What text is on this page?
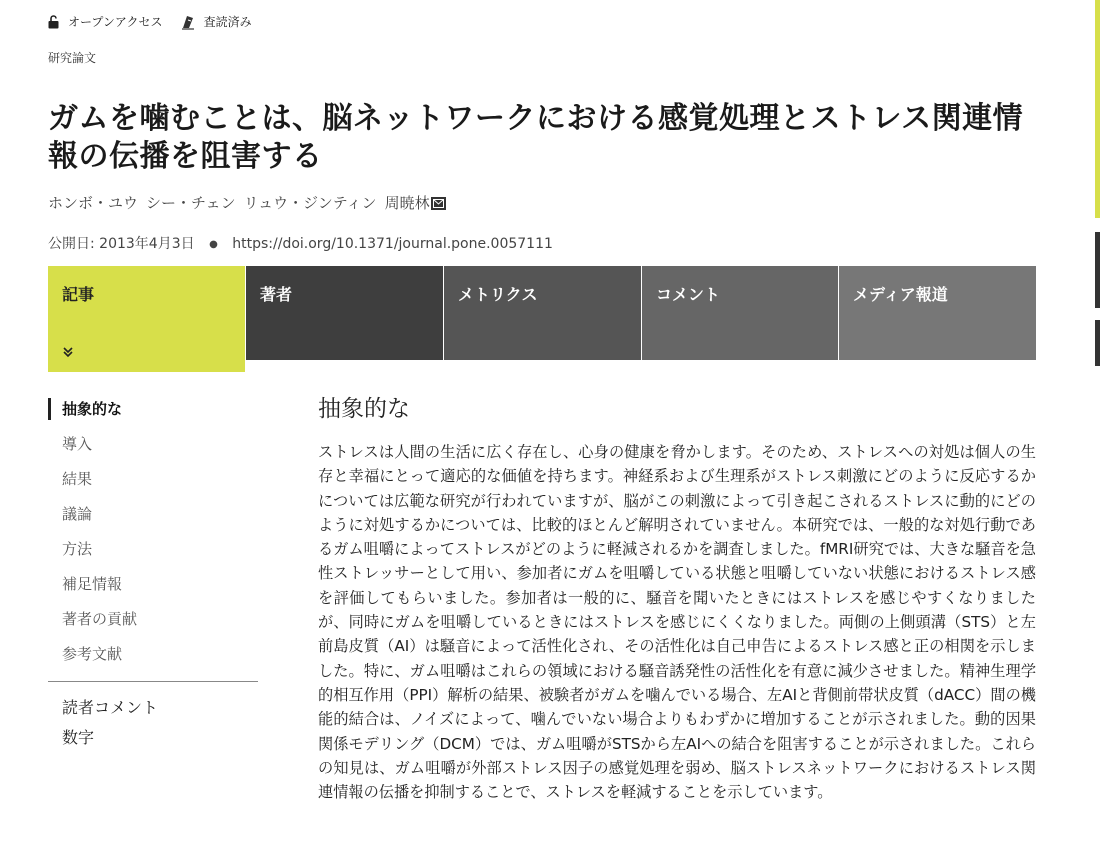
オープンアクセス	査読済み
研究論文
ガムを噛むことは、脳ネットワークにおける感覚処理とストレス関連情報の伝播を阻害する
ホンボ・ユウ シー・チェン リュウ・ジンティン 周暁林
公開日: 2013年4月3日 ● https://doi.org/10.1371/journal.pone.0057111
記事	著者	メトリクス	コメント	メディア報道
抽象的な
導入
結果
議論
方法
補足情報
著者の貢献
参考文献
読者コメント
数字
抽象的な

ストレスは人間の生活に広く存在し、心身の健康を脅かします。そのため、ストレスへの対処は個人の生存と幸福にとって適応的な価値を持ちます。神経系および生理系がストレス刺激にどのように反応するかについては広範な研究が行われていますが、脳がこの刺激によって引き起こされるストレスに動的にどのように対処するかについては、比較的ほとんど解明されていません。本研究では、一般的な対処行動であるガム咀嚼によってストレスがどのように軽減されるかを調査しました。fMRI研究では、大きな騒音を急性ストレッサーとして用い、参加者にガムを咀嚼している状態と咀嚼していない状態におけるストレス感を評価してもらいました。参加者は一般的に、騒音を聞いたときにはストレスを感じやすくなりましたが、同時にガムを咀嚼しているときにはストレスを感じにくくなりました。両側の上側頭溝（STS）と左前島皮質（AI）は騒音によって活性化され、その活性化は自己申告によるストレス感と正の相関を示しました。特に、ガム咀嚼はこれらの領域における騒音誘発性の活性化を有意に減少させました。精神生理学的相互作用（PPI）解析の結果、被験者がガムを噛んでいる場合、左AIと背側前帯状皮質（dACC）間の機能的結合は、ノイズによって、噛んでいない場合よりもわずかに増加することが示されました。動的因果関係モデリング（DCM）では、ガム咀嚼がSTSから左AIへの結合を阻害することが示されました。これらの知見は、ガム咀嚼が外部ストレス因子の感覚処理を弱め、脳ストレスネットワークにおけるストレス関連情報の伝播を抑制することで、ストレスを軽減することを示しています。
